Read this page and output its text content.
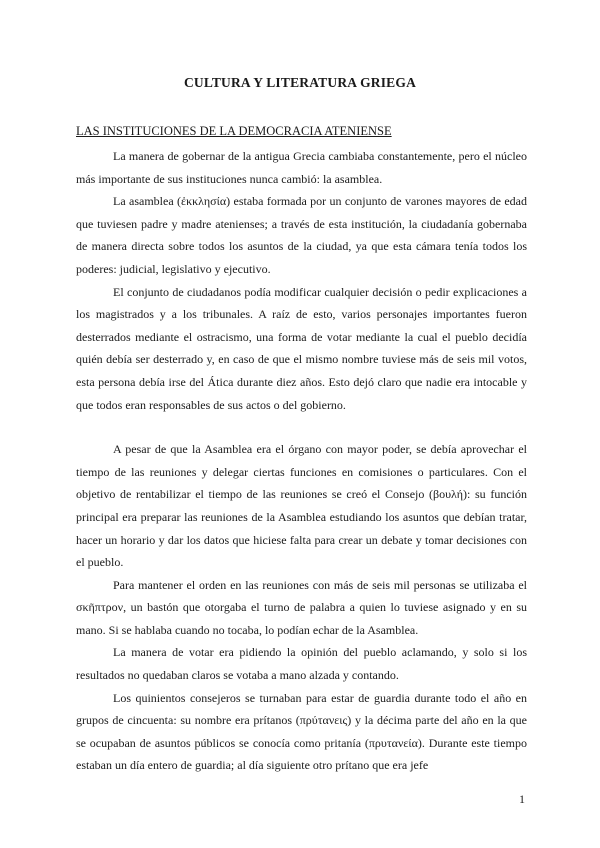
CULTURA Y LITERATURA GRIEGA
LAS INSTITUCIONES DE LA DEMOCRACIA ATENIENSE

La manera de gobernar de la antigua Grecia cambiaba constantemente, pero el núcleo más importante de sus instituciones nunca cambió: la asamblea.

La asamblea (ἐκκλησία) estaba formada por un conjunto de varones mayores de edad que tuviesen padre y madre atenienses; a través de esta institución, la ciudadanía gobernaba de manera directa sobre todos los asuntos de la ciudad, ya que esta cámara tenía todos los poderes: judicial, legislativo y ejecutivo.

El conjunto de ciudadanos podía modificar cualquier decisión o pedir explicaciones a los magistrados y a los tribunales. A raíz de esto, varios personajes importantes fueron desterrados mediante el ostracismo, una forma de votar mediante la cual el pueblo decidía quién debía ser desterrado y, en caso de que el mismo nombre tuviese más de seis mil votos, esta persona debía irse del Ática durante diez años. Esto dejó claro que nadie era intocable y que todos eran responsables de sus actos o del gobierno.

A pesar de que la Asamblea era el órgano con mayor poder, se debía aprovechar el tiempo de las reuniones y delegar ciertas funciones en comisiones o particulares. Con el objetivo de rentabilizar el tiempo de las reuniones se creó el Consejo (βουλή): su función principal era preparar las reuniones de la Asamblea estudiando los asuntos que debían tratar, hacer un horario y dar los datos que hiciese falta para crear un debate y tomar decisiones con el pueblo.

Para mantener el orden en las reuniones con más de seis mil personas se utilizaba el σκῆπτρον, un bastón que otorgaba el turno de palabra a quien lo tuviese asignado y en su mano. Si se hablaba cuando no tocaba, lo podían echar de la Asamblea.

La manera de votar era pidiendo la opinión del pueblo aclamando, y solo si los resultados no quedaban claros se votaba a mano alzada y contando.

Los quinientos consejeros se turnaban para estar de guardia durante todo el año en grupos de cincuenta: su nombre era prítanos (πρύτανεις) y la décima parte del año en la que se ocupaban de asuntos públicos se conocía como pritanía (πρυτανεία). Durante este tiempo estaban un día entero de guardia; al día siguiente otro prítano que era jefe

1
